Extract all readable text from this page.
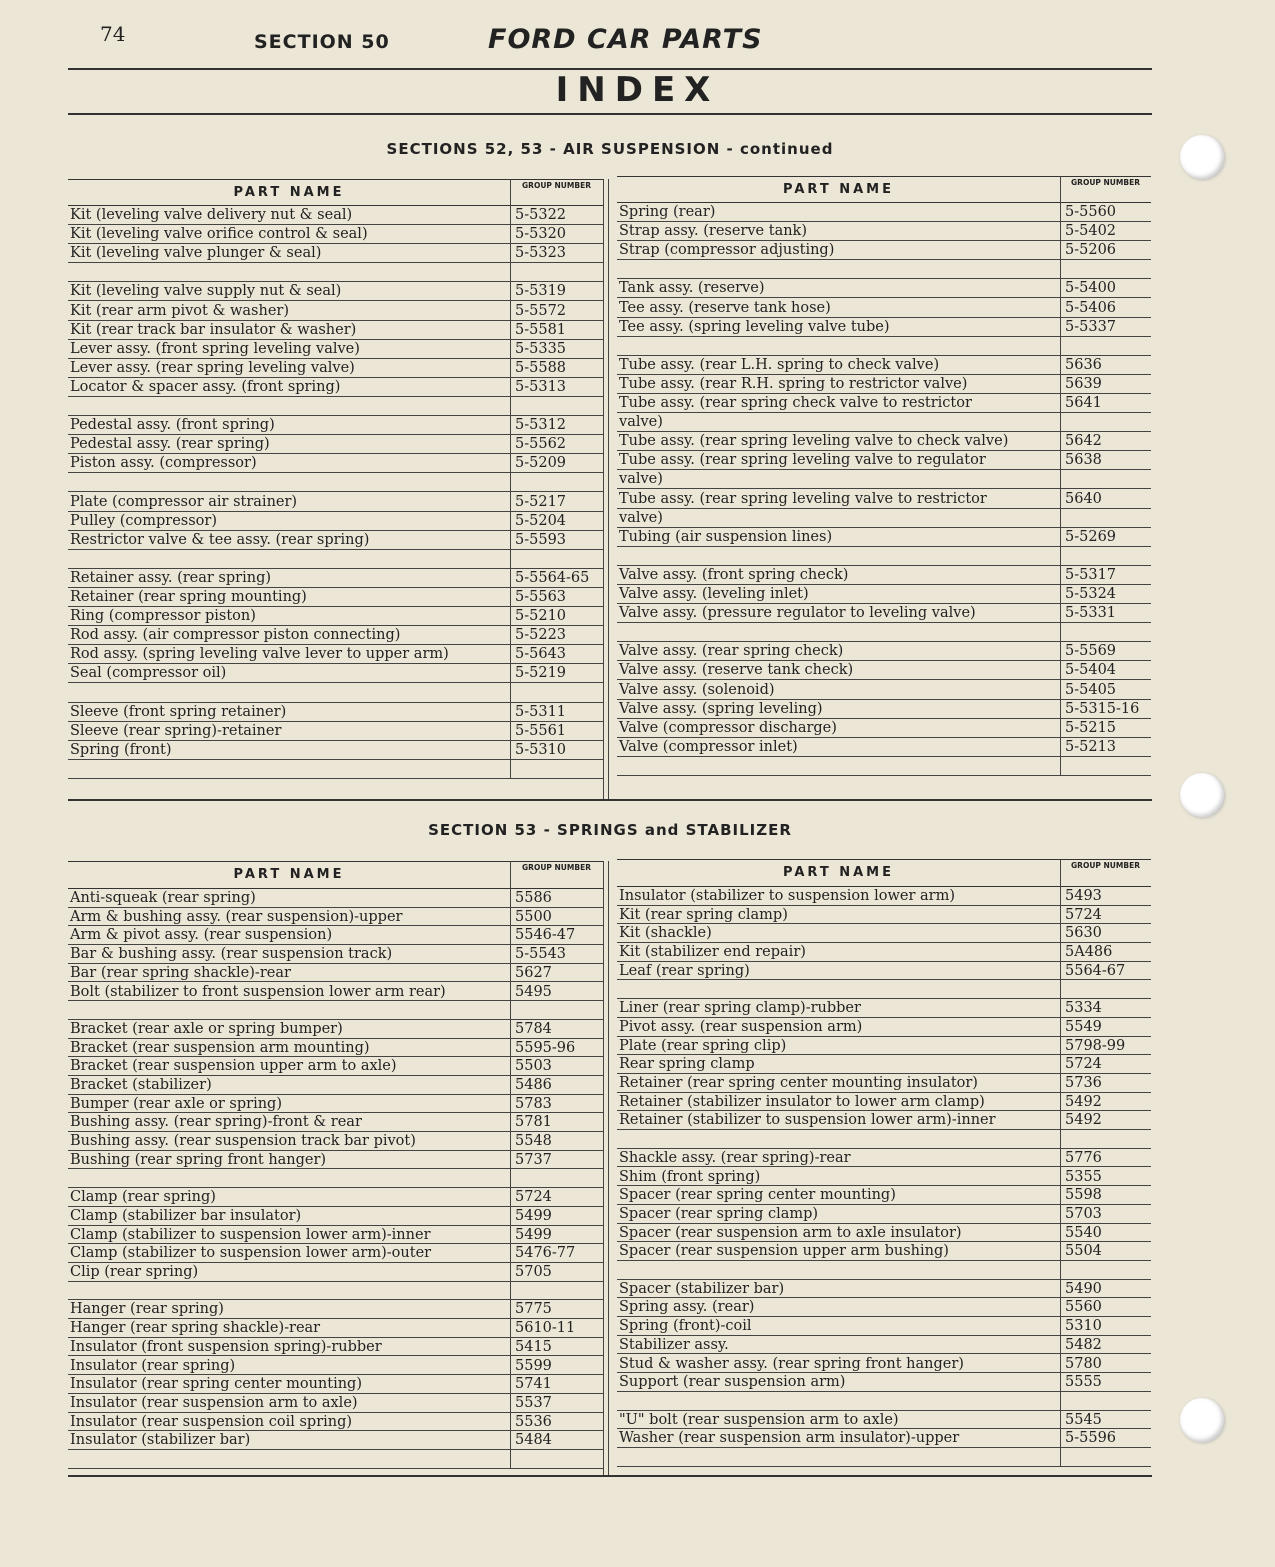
74	SECTION 50	FORD CAR PARTS
INDEX
SECTIONS 52, 53 - AIR SUSPENSION - continued
PART NAME	GROUP NUMBER
Kit (leveling valve delivery nut & seal)	5-5322
Kit (leveling valve orifice control & seal)	5-5320
Kit (leveling valve plunger & seal)	5-5323
Kit (leveling valve supply nut & seal)	5-5319
Kit (rear arm pivot & washer)	5-5572
Kit (rear track bar insulator & washer)	5-5581
Lever assy. (front spring leveling valve)	5-5335
Lever assy. (rear spring leveling valve)	5-5588
Locator & spacer assy. (front spring)	5-5313
Pedestal assy. (front spring)	5-5312
Pedestal assy. (rear spring)	5-5562
Piston assy. (compressor)	5-5209
Plate (compressor air strainer)	5-5217
Pulley (compressor)	5-5204
Restrictor valve & tee assy. (rear spring)	5-5593
Retainer assy. (rear spring)	5-5564-65
Retainer (rear spring mounting)	5-5563
Ring (compressor piston)	5-5210
Rod assy. (air compressor piston connecting)	5-5223
Rod assy. (spring leveling valve lever to upper arm)	5-5643
Seal (compressor oil)	5-5219
Sleeve (front spring retainer)	5-5311
Sleeve (rear spring)-retainer	5-5561
Spring (front)	5-5310
PART NAME	GROUP NUMBER
Spring (rear)	5-5560
Strap assy. (reserve tank)	5-5402
Strap (compressor adjusting)	5-5206
Tank assy. (reserve)	5-5400
Tee assy. (reserve tank hose)	5-5406
Tee assy. (spring leveling valve tube)	5-5337
Tube assy. (rear L.H. spring to check valve)	5636
Tube assy. (rear R.H. spring to restrictor valve)	5639
Tube assy. (rear spring check valve to restrictor	5641
valve)
Tube assy. (rear spring leveling valve to check valve)	5642
Tube assy. (rear spring leveling valve to regulator	5638
valve)
Tube assy. (rear spring leveling valve to restrictor	5640
valve)
Tubing (air suspension lines)	5-5269
Valve assy. (front spring check)	5-5317
Valve assy. (leveling inlet)	5-5324
Valve assy. (pressure regulator to leveling valve)	5-5331
Valve assy. (rear spring check)	5-5569
Valve assy. (reserve tank check)	5-5404
Valve assy. (solenoid)	5-5405
Valve assy. (spring leveling)	5-5315-16
Valve (compressor discharge)	5-5215
Valve (compressor inlet)	5-5213
SECTION 53 - SPRINGS and STABILIZER
PART NAME	GROUP NUMBER
Anti-squeak (rear spring)	5586
Arm & bushing assy. (rear suspension)-upper	5500
Arm & pivot assy. (rear suspension)	5546-47
Bar & bushing assy. (rear suspension track)	5-5543
Bar (rear spring shackle)-rear	5627
Bolt (stabilizer to front suspension lower arm rear)	5495
Bracket (rear axle or spring bumper)	5784
Bracket (rear suspension arm mounting)	5595-96
Bracket (rear suspension upper arm to axle)	5503
Bracket (stabilizer)	5486
Bumper (rear axle or spring)	5783
Bushing assy. (rear spring)-front & rear	5781
Bushing assy. (rear suspension track bar pivot)	5548
Bushing (rear spring front hanger)	5737
Clamp (rear spring)	5724
Clamp (stabilizer bar insulator)	5499
Clamp (stabilizer to suspension lower arm)-inner	5499
Clamp (stabilizer to suspension lower arm)-outer	5476-77
Clip (rear spring)	5705
Hanger (rear spring)	5775
Hanger (rear spring shackle)-rear	5610-11
Insulator (front suspension spring)-rubber	5415
Insulator (rear spring)	5599
Insulator (rear spring center mounting)	5741
Insulator (rear suspension arm to axle)	5537
Insulator (rear suspension coil spring)	5536
Insulator (stabilizer bar)	5484
PART NAME	GROUP NUMBER
Insulator (stabilizer to suspension lower arm)	5493
Kit (rear spring clamp)	5724
Kit (shackle)	5630
Kit (stabilizer end repair)	5A486
Leaf (rear spring)	5564-67
Liner (rear spring clamp)-rubber	5334
Pivot assy. (rear suspension arm)	5549
Plate (rear spring clip)	5798-99
Rear spring clamp	5724
Retainer (rear spring center mounting insulator)	5736
Retainer (stabilizer insulator to lower arm clamp)	5492
Retainer (stabilizer to suspension lower arm)-inner	5492
Shackle assy. (rear spring)-rear	5776
Shim (front spring)	5355
Spacer (rear spring center mounting)	5598
Spacer (rear spring clamp)	5703
Spacer (rear suspension arm to axle insulator)	5540
Spacer (rear suspension upper arm bushing)	5504
Spacer (stabilizer bar)	5490
Spring assy. (rear)	5560
Spring (front)-coil	5310
Stabilizer assy.	5482
Stud & washer assy. (rear spring front hanger)	5780
Support (rear suspension arm)	5555
"U" bolt (rear suspension arm to axle)	5545
Washer (rear suspension arm insulator)-upper	5-5596
